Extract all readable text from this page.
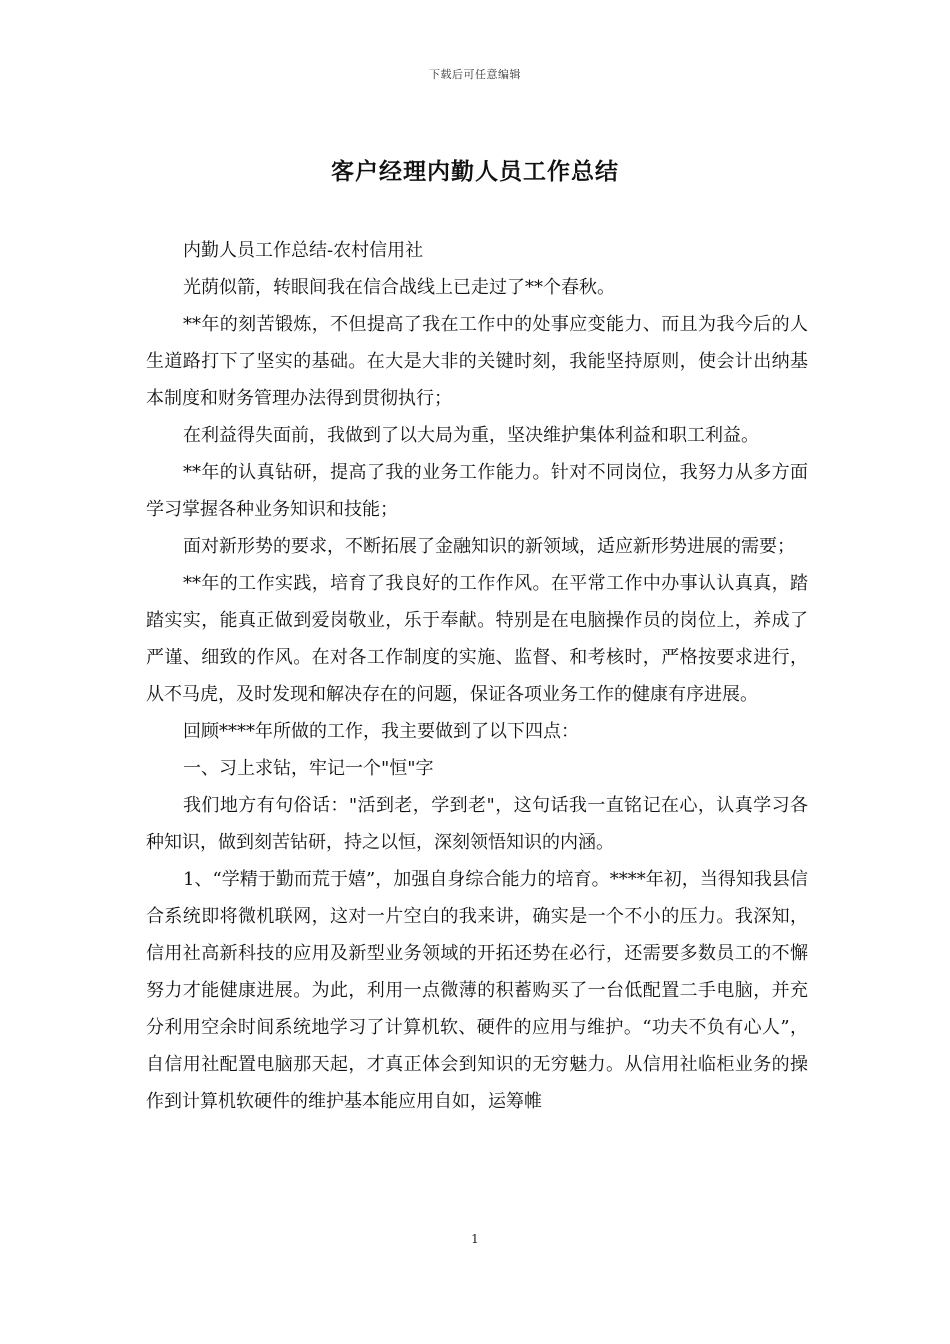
下载后可任意编辑
客户经理内勤人员工作总结

内勤人员工作总结-农村信用社

光荫似箭，转眼间我在信合战线上已走过了**个春秋。

**年的刻苦锻炼，不但提高了我在工作中的处事应变能力、而且为我今后的人生道路打下了坚实的基础。在大是大非的关键时刻，我能坚持原则，使会计出纳基本制度和财务管理办法得到贯彻执行；

在利益得失面前，我做到了以大局为重，坚决维护集体利益和职工利益。

**年的认真钻研，提高了我的业务工作能力。针对不同岗位，我努力从多方面学习掌握各种业务知识和技能；

面对新形势的要求，不断拓展了金融知识的新领域，适应新形势进展的需要；

**年的工作实践，培育了我良好的工作作风。在平常工作中办事认认真真，踏踏实实，能真正做到爱岗敬业，乐于奉献。特别是在电脑操作员的岗位上，养成了严谨、细致的作风。在对各工作制度的实施、监督、和考核时，严格按要求进行，从不马虎，及时发现和解决存在的问题，保证各项业务工作的健康有序进展。

回顾****年所做的工作，我主要做到了以下四点：

一、习上求钻，牢记一个"恒"字

我们地方有句俗话："活到老，学到老"，这句话我一直铭记在心，认真学习各种知识，做到刻苦钻研，持之以恒，深刻领悟知识的内涵。

1、“学精于勤而荒于嬉”，加强自身综合能力的培育。****年初，当得知我县信合系统即将微机联网，这对一片空白的我来讲，确实是一个不小的压力。我深知，信用社高新科技的应用及新型业务领域的开拓还势在必行，还需要多数员工的不懈努力才能健康进展。为此，利用一点微薄的积蓄购买了一台低配置二手电脑，并充分利用空余时间系统地学习了计算机软、硬件的应用与维护。“功夫不负有心人”，自信用社配置电脑那天起，才真正体会到知识的无穷魅力。从信用社临柜业务的操作到计算机软硬件的维护基本能应用自如，运筹帷

1
